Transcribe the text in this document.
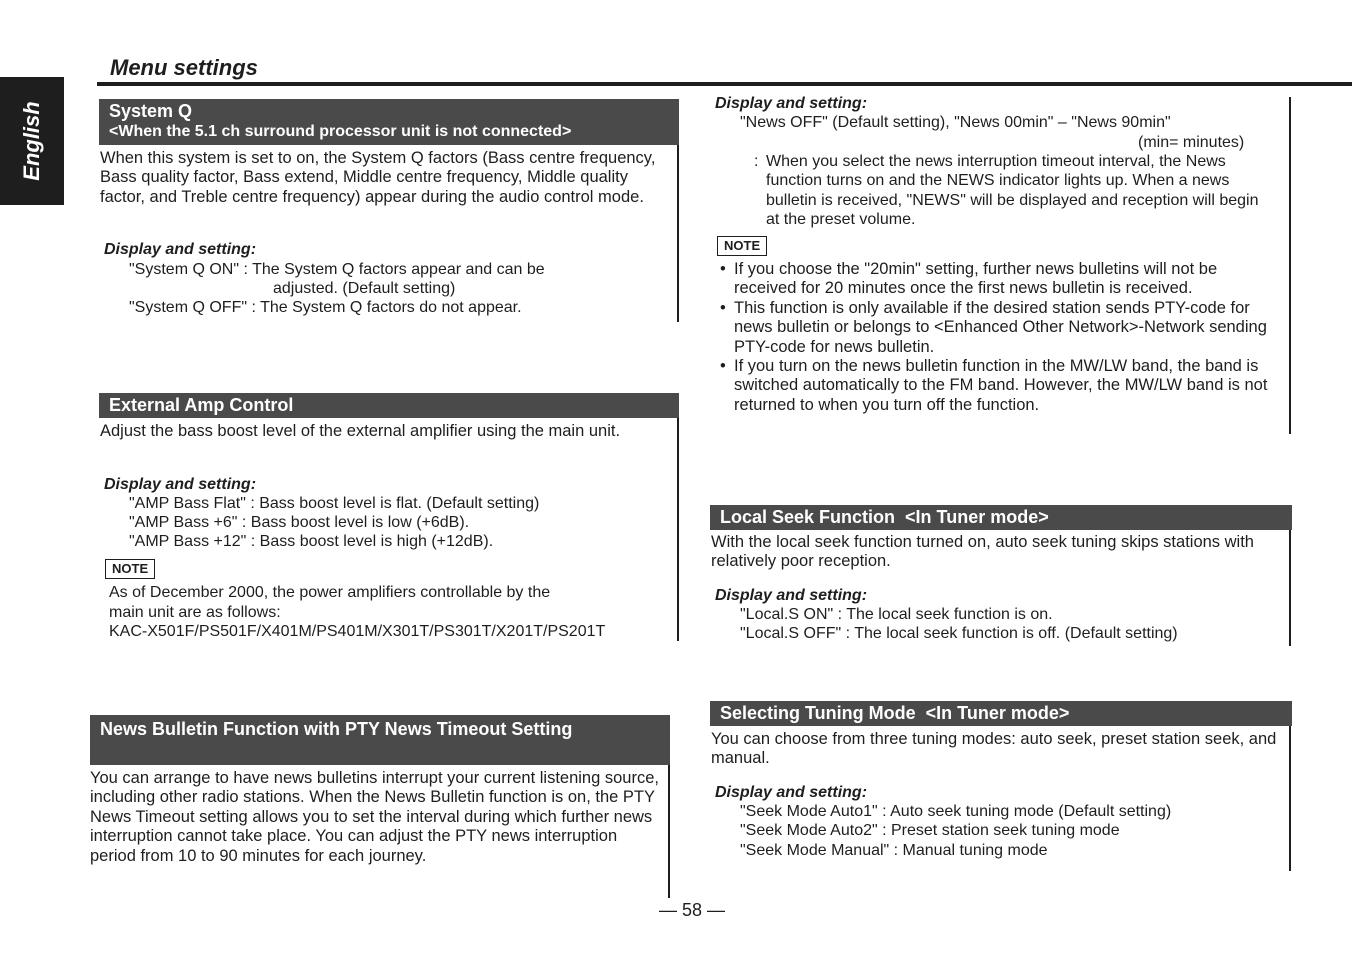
English
Menu settings
System Q
<When the 5.1 ch surround processor unit is not connected>
When this system is set to on, the System Q factors (Bass centre frequency, Bass quality factor, Bass extend, Middle centre frequency, Middle quality factor, and Treble centre frequency) appear during the audio control mode.
Display and setting:
"System Q ON" : The System Q factors appear and can be
adjusted. (Default setting)
"System Q OFF" : The System Q factors do not appear.
External Amp Control
Adjust the bass boost level of the external amplifier using the main unit.
Display and setting:
"AMP Bass Flat" : Bass boost level is flat. (Default setting)
"AMP Bass +6" : Bass boost level is low (+6dB).
"AMP Bass +12" : Bass boost level is high (+12dB).
NOTE
As of December 2000, the power amplifiers controllable by the
main unit are as follows:
KAC-X501F/PS501F/X401M/PS401M/X301T/PS301T/X201T/PS201T
News Bulletin Function with PTY News Timeout Setting
You can arrange to have news bulletins interrupt your current listening source, including other radio stations. When the News Bulletin function is on, the PTY News Timeout setting allows you to set the interval during which further news interruption cannot take place. You can adjust the PTY news interruption period from 10 to 90 minutes for each journey.
Display and setting:
"News OFF" (Default setting), "News 00min" – "News 90min"
(min= minutes)
: When you select the news interruption timeout interval, the News function turns on and the NEWS indicator lights up. When a news bulletin is received, "NEWS" will be displayed and reception will begin at the preset volume.
NOTE
• If you choose the "20min" setting, further news bulletins will not be received for 20 minutes once the first news bulletin is received.
• This function is only available if the desired station sends PTY-code for news bulletin or belongs to <Enhanced Other Network>-Network sending PTY-code for news bulletin.
• If you turn on the news bulletin function in the MW/LW band, the band is switched automatically to the FM band. However, the MW/LW band is not returned to when you turn off the function.
Local Seek Function  <In Tuner mode>
With the local seek function turned on, auto seek tuning skips stations with relatively poor reception.
Display and setting:
"Local.S ON" : The local seek function is on.
"Local.S OFF" : The local seek function is off. (Default setting)
Selecting Tuning Mode  <In Tuner mode>
You can choose from three tuning modes: auto seek, preset station seek, and manual.
Display and setting:
"Seek Mode Auto1" : Auto seek tuning mode (Default setting)
"Seek Mode Auto2" : Preset station seek tuning mode
"Seek Mode Manual" : Manual tuning mode
— 58 —
